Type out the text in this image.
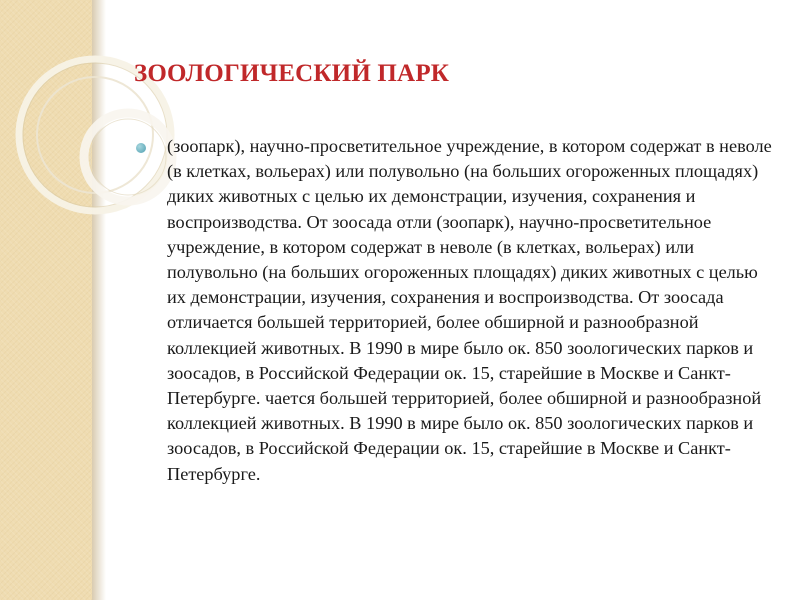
ЗООЛОГИЧЕСКИЙ ПАРК
(зоопарк), научно-просветительное учреждение, в котором содержат в неволе (в клетках, вольерах) или полувольно (на больших огороженных площадях) диких животных с целью их демонстрации, изучения, сохранения и воспроизводства. От зоосада отли (зоопарк), научно-просветительное учреждение, в котором содержат в неволе (в клетках, вольерах) или полувольно (на больших огороженных площадях) диких животных с целью их демонстрации, изучения, сохранения и воспроизводства. От зоосада отличается большей территорией, более обширной и разнообразной коллекцией животных. В 1990 в мире было ок. 850 зоологических парков и зоосадов, в Российской Федерации ок. 15, старейшие в Москве и Санкт-Петербурге. чается большей территорией, более обширной и разнообразной коллекцией животных. В 1990 в мире было ок. 850 зоологических парков и зоосадов, в Российской Федерации ок. 15, старейшие в Москве и Санкт-Петербурге.
